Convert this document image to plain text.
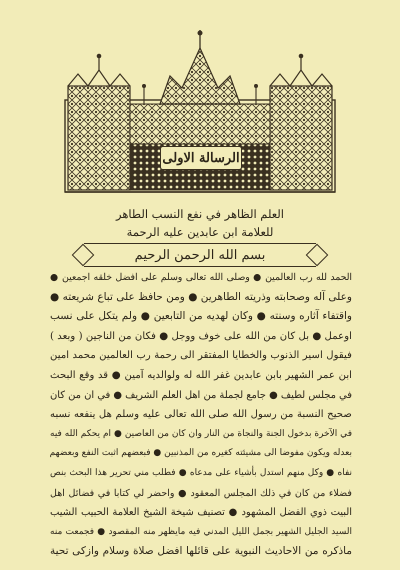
الرسالة الاولى
العلم الظاهر في نفع النسب الطاهر
للعلامة ابن عابدين عليه الرحمة
بسم الله الرحمن الرحيم
الحمد لله رب العالمين ● وصلى الله تعالى وسلم على افضل خلقه اجمعين ●
وعلى آله وصحابته وذريته الطاهرين ● ومن حافظ على تباع شريعته ●
واقتفاء آثاره وسنته ● وكان لهديه من التابعين ● ولم يتكل على نسب
اوعمل ● بل كان من الله على خوف ووجل ● فكان من الناجين ( وبعد )
فيقول اسير الذنوب والخطايا المفتقر الى رحمة رب العالمين محمد امين
ابن عمر الشهير بابن عابدين غفر الله له ولوالديه آمين ● قد وقع البحث
في مجلس لطيف ● جامع لجملة من اهل العلم الشريف ● في ان من كان
صحيح النسبة من رسول الله صلى الله تعالى عليه وسلم هل ينفعه نسبه
في الآخرة بدخول الجنة والنجاة من النار وان كان من العاصين ● ام يحكم الله فيه
بعدله ويكون مفوضا الى مشيئته كغيره من المذنبين ● فبعضهم اثبت النفع وبعضهم
نفاه ● وكل منهم استدل بأشياء على مدعاه ● فطلب مني تحرير هذا البحث بنص
فضلاء من كان في ذلك المجلس المعقود ● واحضر لي كتابا في فضائل اهل
البيت ذوي الفضل المشهود ● تصنيف شيخة الشيخ العلامة الحبيب الشيب
السيد الجليل الشهير بجمل الليل المدني فيه مايظهر منه المقصود ● فجمعت منه
ماذكره من الاحاديث النبوية على قائلها افضل صلاة وسلام وازكى تحية
